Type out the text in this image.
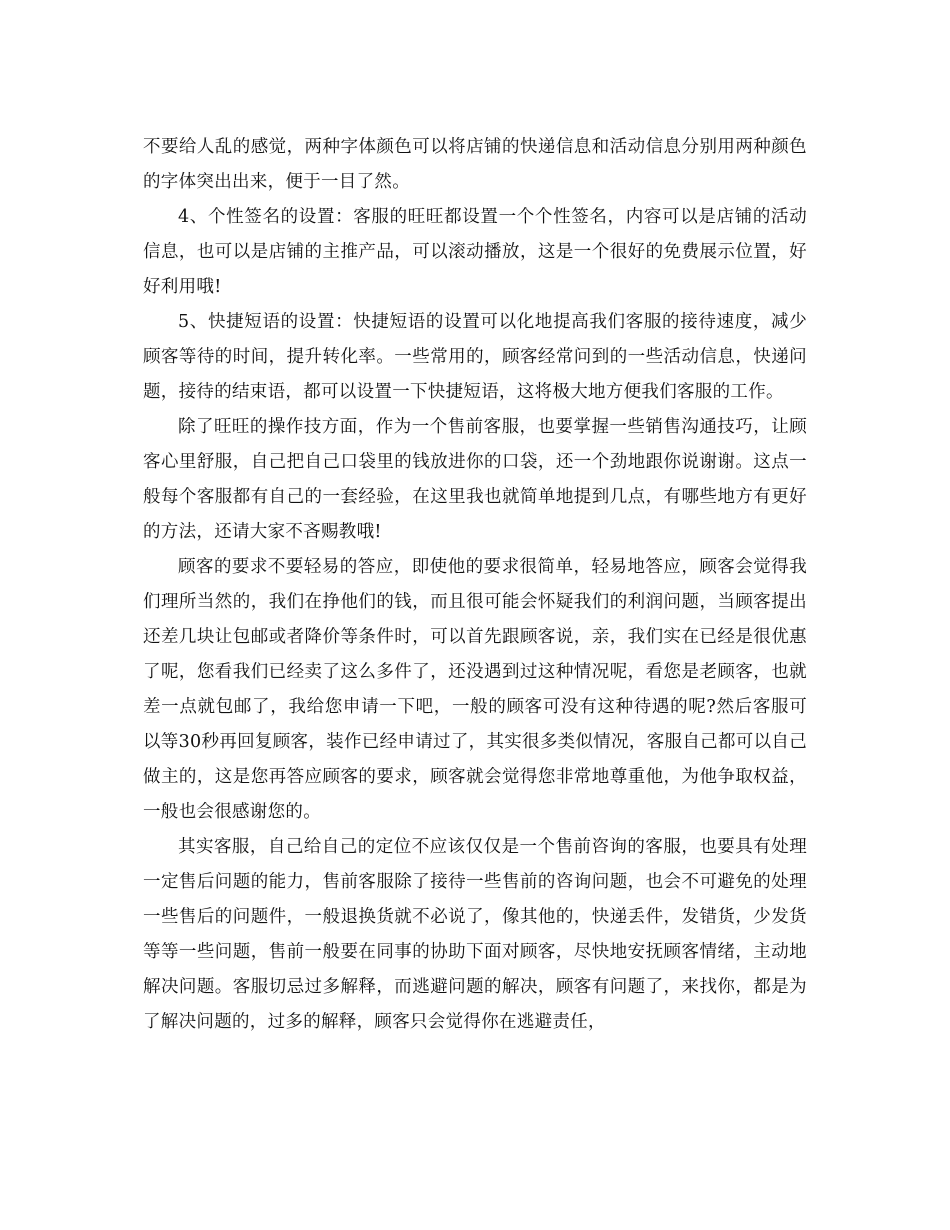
不要给人乱的感觉，两种字体颜色可以将店铺的快递信息和活动信息分别用两种颜色的字体突出出来，便于一目了然。

4、个性签名的设置：客服的旺旺都设置一个个性签名，内容可以是店铺的活动信息，也可以是店铺的主推产品，可以滚动播放，这是一个很好的免费展示位置，好好利用哦!

5、快捷短语的设置：快捷短语的设置可以化地提高我们客服的接待速度，减少顾客等待的时间，提升转化率。一些常用的，顾客经常问到的一些活动信息，快递问题，接待的结束语，都可以设置一下快捷短语，这将极大地方便我们客服的工作。

除了旺旺的操作技方面，作为一个售前客服，也要掌握一些销售沟通技巧，让顾客心里舒服，自己把自己口袋里的钱放进你的口袋，还一个劲地跟你说谢谢。这点一般每个客服都有自己的一套经验，在这里我也就简单地提到几点，有哪些地方有更好的方法，还请大家不吝赐教哦!

顾客的要求不要轻易的答应，即使他的要求很简单，轻易地答应，顾客会觉得我们理所当然的，我们在挣他们的钱，而且很可能会怀疑我们的利润问题，当顾客提出还差几块让包邮或者降价等条件时，可以首先跟顾客说，亲，我们实在已经是很优惠了呢，您看我们已经卖了这么多件了，还没遇到过这种情况呢，看您是老顾客，也就差一点就包邮了，我给您申请一下吧，一般的顾客可没有这种待遇的呢?然后客服可以等30秒再回复顾客，装作已经申请过了，其实很多类似情况，客服自己都可以自己做主的，这是您再答应顾客的要求，顾客就会觉得您非常地尊重他，为他争取权益，一般也会很感谢您的。

其实客服，自己给自己的定位不应该仅仅是一个售前咨询的客服，也要具有处理一定售后问题的能力，售前客服除了接待一些售前的咨询问题，也会不可避免的处理一些售后的问题件，一般退换货就不必说了，像其他的，快递丢件，发错货，少发货等等一些问题，售前一般要在同事的协助下面对顾客，尽快地安抚顾客情绪，主动地解决问题。客服切忌过多解释，而逃避问题的解决，顾客有问题了，来找你，都是为了解决问题的，过多的解释，顾客只会觉得你在逃避责任，
